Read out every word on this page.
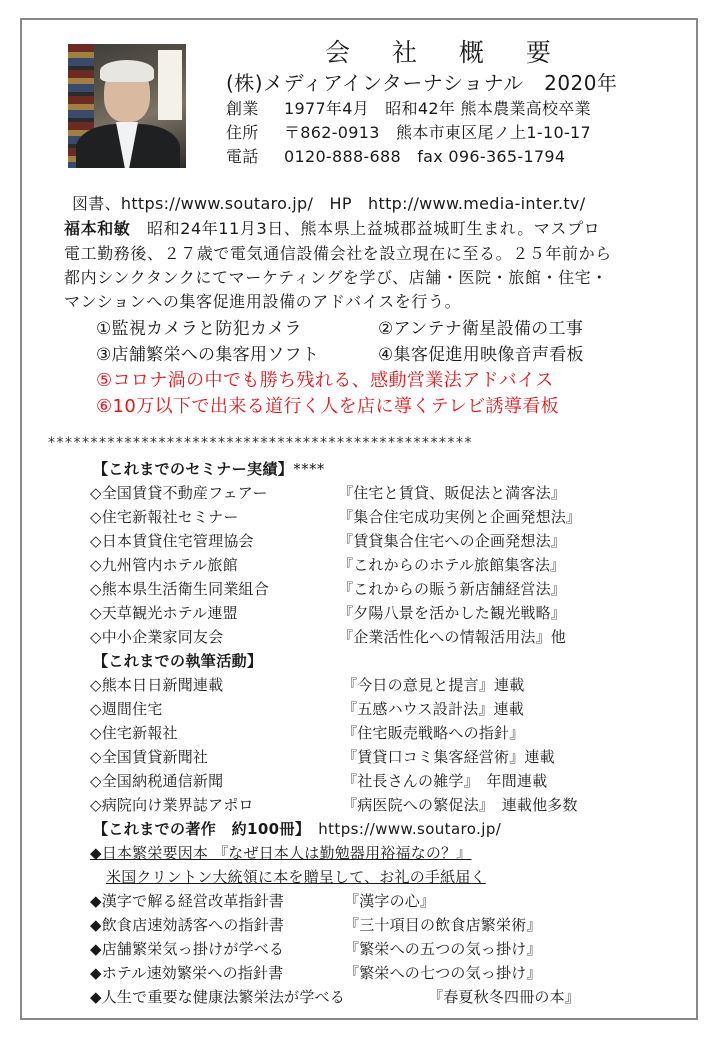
会 社 概 要
(株)メディアインターナショナル　2020年
創業 1977年4月　昭和42年 熊本農業高校卒業
住所 〒862-0913　熊本市東区尾ノ上1-10-17
電話 0120-888-688　fax 096-365-1794
図書、https://www.soutaro.jp/　HP　http://www.media-inter.tv/
福本和敏　昭和24年11月3日、熊本県上益城郡益城町生まれ。マスプロ
電工勤務後、２７歳で電気通信設備会社を設立現在に至る。２５年前から
都内シンクタンクにてマーケティングを学び、店舗・医院・旅館・住宅・
マンションへの集客促進用設備のアドバイスを行う。
①監視カメラと防犯カメラ	②アンテナ衛星設備の工事
③店舗繁栄への集客用ソフト	④集客促進用映像音声看板
⑤コロナ渦の中でも勝ち残れる、感動営業法アドバイス
⑥10万以下で出来る道行く人を店に導くテレビ誘導看板
**************************************************
【これまでのセミナー実績】****
◇全国賃貸不動産フェアー	『住宅と賃貸、販促法と満客法』
◇住宅新報社セミナー	『集合住宅成功実例と企画発想法』
◇日本賃貸住宅管理協会	『賃貸集合住宅への企画発想法』
◇九州管内ホテル旅館	『これからのホテル旅館集客法』
◇熊本県生活衛生同業組合	『これからの賑う新店舗経営法』
◇天草観光ホテル連盟	『夕陽八景を活かした観光戦略』
◇中小企業家同友会	『企業活性化への情報活用法』他
【これまでの執筆活動】
◇熊本日日新聞連載	『今日の意見と提言』連載
◇週間住宅	『五感ハウス設計法』連載
◇住宅新報社	『住宅販売戦略への指針』
◇全国賃貸新聞社	『賃貸口コミ集客経営術』連載
◇全国納税通信新聞	『社長さんの雑学』　年間連載
◇病院向け業界誌アポロ	『病医院への繁促法』　連載他多数
【これまでの著作　約100冊】　 https://www.soutaro.jp/
◆日本繁栄要因本 『なぜ日本人は勤勉器用裕福なの？』
米国クリントン大統領に本を贈呈して、お礼の手紙届く
◆漢字で解る経営改革指針書	『漢字の心』
◆飲食店速効誘客への指針書	『三十項目の飲食店繁栄術』
◆店舗繁栄気っ掛けが学べる	『繁栄への五つの気っ掛け』
◆ホテル速効繁栄への指針書	『繁栄への七つの気っ掛け』
◆人生で重要な健康法繁栄法が学べる	『春夏秋冬四冊の本』
